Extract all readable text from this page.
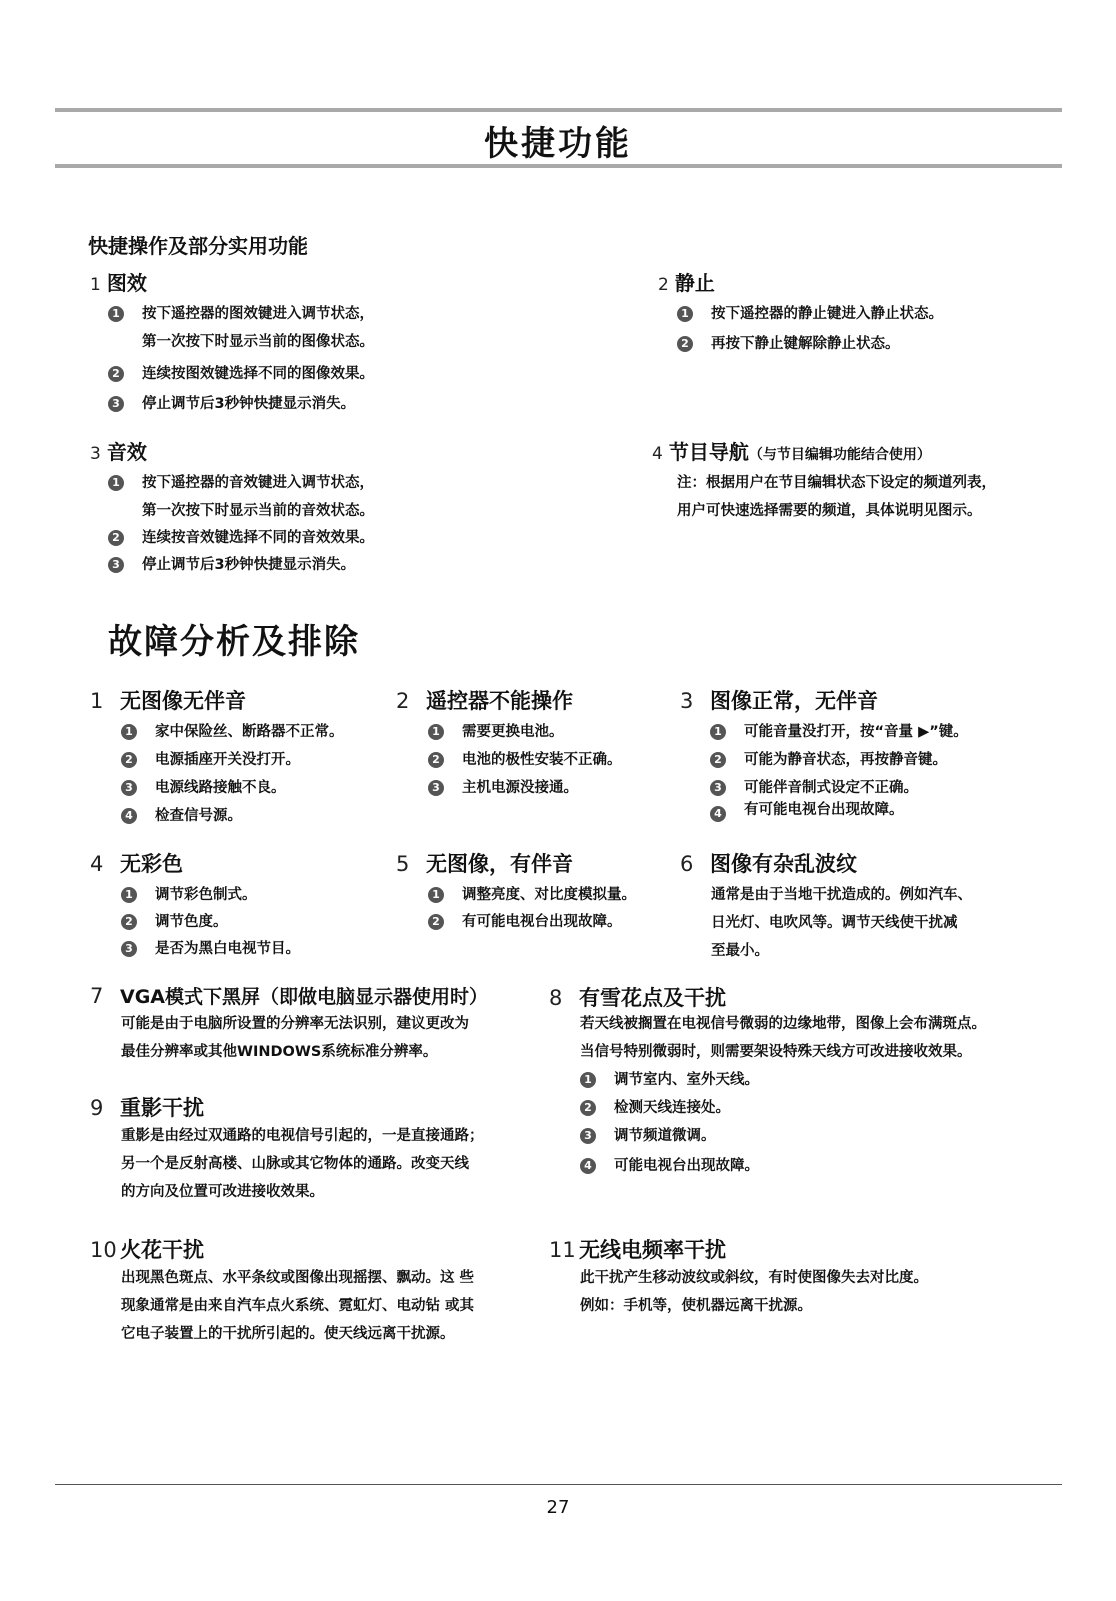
快捷功能
快捷操作及部分实用功能
1 图效
1 按下遥控器的图效键进入调节状态，
第一次按下时显示当前的图像状态。
2 连续按图效键选择不同的图像效果。
3 停止调节后3秒钟快捷显示消失。
2 静止
1 按下遥控器的静止键进入静止状态。
2 再按下静止键解除静止状态。
3 音效
1 按下遥控器的音效键进入调节状态，
第一次按下时显示当前的音效状态。
2 连续按音效键选择不同的音效效果。
3 停止调节后3秒钟快捷显示消失。
4 节目导航（与节目编辑功能结合使用）
注：根据用户在节目编辑状态下设定的频道列表，
用户可快速选择需要的频道，具体说明见图示。
故障分析及排除
1 无图像无伴音
1 家中保险丝、断路器不正常。
2 电源插座开关没打开。
3 电源线路接触不良。
4 检查信号源。
2 遥控器不能操作
1 需要更换电池。
2 电池的极性安装不正确。
3 主机电源没接通。
3 图像正常，无伴音
1 可能音量没打开，按“音量 ▶”键。
2 可能为静音状态，再按静音键。
3 可能伴音制式设定不正确。
4 有可能电视台出现故障。
4 无彩色
1 调节彩色制式。
2 调节色度。
3 是否为黑白电视节目。
5 无图像，有伴音
1 调整亮度、对比度模拟量。
2 有可能电视台出现故障。
6 图像有杂乱波纹
通常是由于当地干扰造成的。例如汽车、
日光灯、电吹风等。调节天线使干扰减
至最小。
7 VGA模式下黑屏（即做电脑显示器使用时）
可能是由于电脑所设置的分辨率无法识别，建议更改为
最佳分辨率或其他WINDOWS系统标准分辨率。
8 有雪花点及干扰
若天线被搁置在电视信号微弱的边缘地带，图像上会布满斑点。
当信号特别微弱时，则需要架设特殊天线方可改进接收效果。
1 调节室内、室外天线。
2 检测天线连接处。
3 调节频道微调。
4 可能电视台出现故障。
9 重影干扰
重影是由经过双通路的电视信号引起的，一是直接通路；
另一个是反射高楼、山脉或其它物体的通路。改变天线
的方向及位置可改进接收效果。
10 火花干扰
出现黑色斑点、水平条纹或图像出现摇摆、飘动。这 些
现象通常是由来自汽车点火系统、霓虹灯、电动钻 或其
它电子装置上的干扰所引起的。使天线远离干扰源。
11 无线电频率干扰
此干扰产生移动波纹或斜纹，有时使图像失去对比度。
例如：手机等，使机器远离干扰源。
27
